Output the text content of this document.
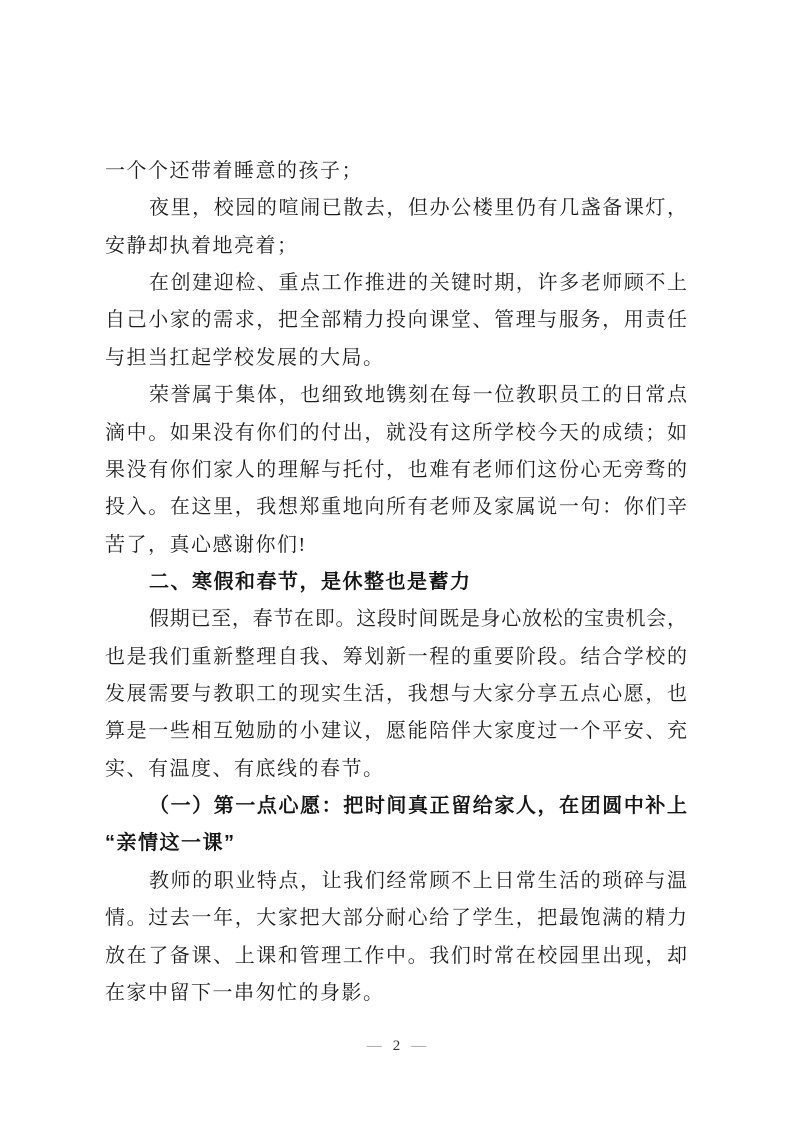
一个个还带着睡意的孩子；
夜里，校园的喧闹已散去，但办公楼里仍有几盏备课灯，
安静却执着地亮着；
在创建迎检、重点工作推进的关键时期，许多老师顾不上
自己小家的需求，把全部精力投向课堂、管理与服务，用责任
与担当扛起学校发展的大局。
荣誉属于集体，也细致地镌刻在每一位教职员工的日常点
滴中。如果没有你们的付出，就没有这所学校今天的成绩；如
果没有你们家人的理解与托付，也难有老师们这份心无旁骛的
投入。在这里，我想郑重地向所有老师及家属说一句：你们辛
苦了，真心感谢你们!
二、寒假和春节，是休整也是蓄力
假期已至，春节在即。这段时间既是身心放松的宝贵机会，
也是我们重新整理自我、筹划新一程的重要阶段。结合学校的
发展需要与教职工的现实生活，我想与大家分享五点心愿，也
算是一些相互勉励的小建议，愿能陪伴大家度过一个平安、充
实、有温度、有底线的春节。
（一）第一点心愿：把时间真正留给家人，在团圆中补上
“亲情这一课”
教师的职业特点，让我们经常顾不上日常生活的琐碎与温
情。过去一年，大家把大部分耐心给了学生，把最饱满的精力
放在了备课、上课和管理工作中。我们时常在校园里出现，却
在家中留下一串匆忙的身影。
— 2 —
